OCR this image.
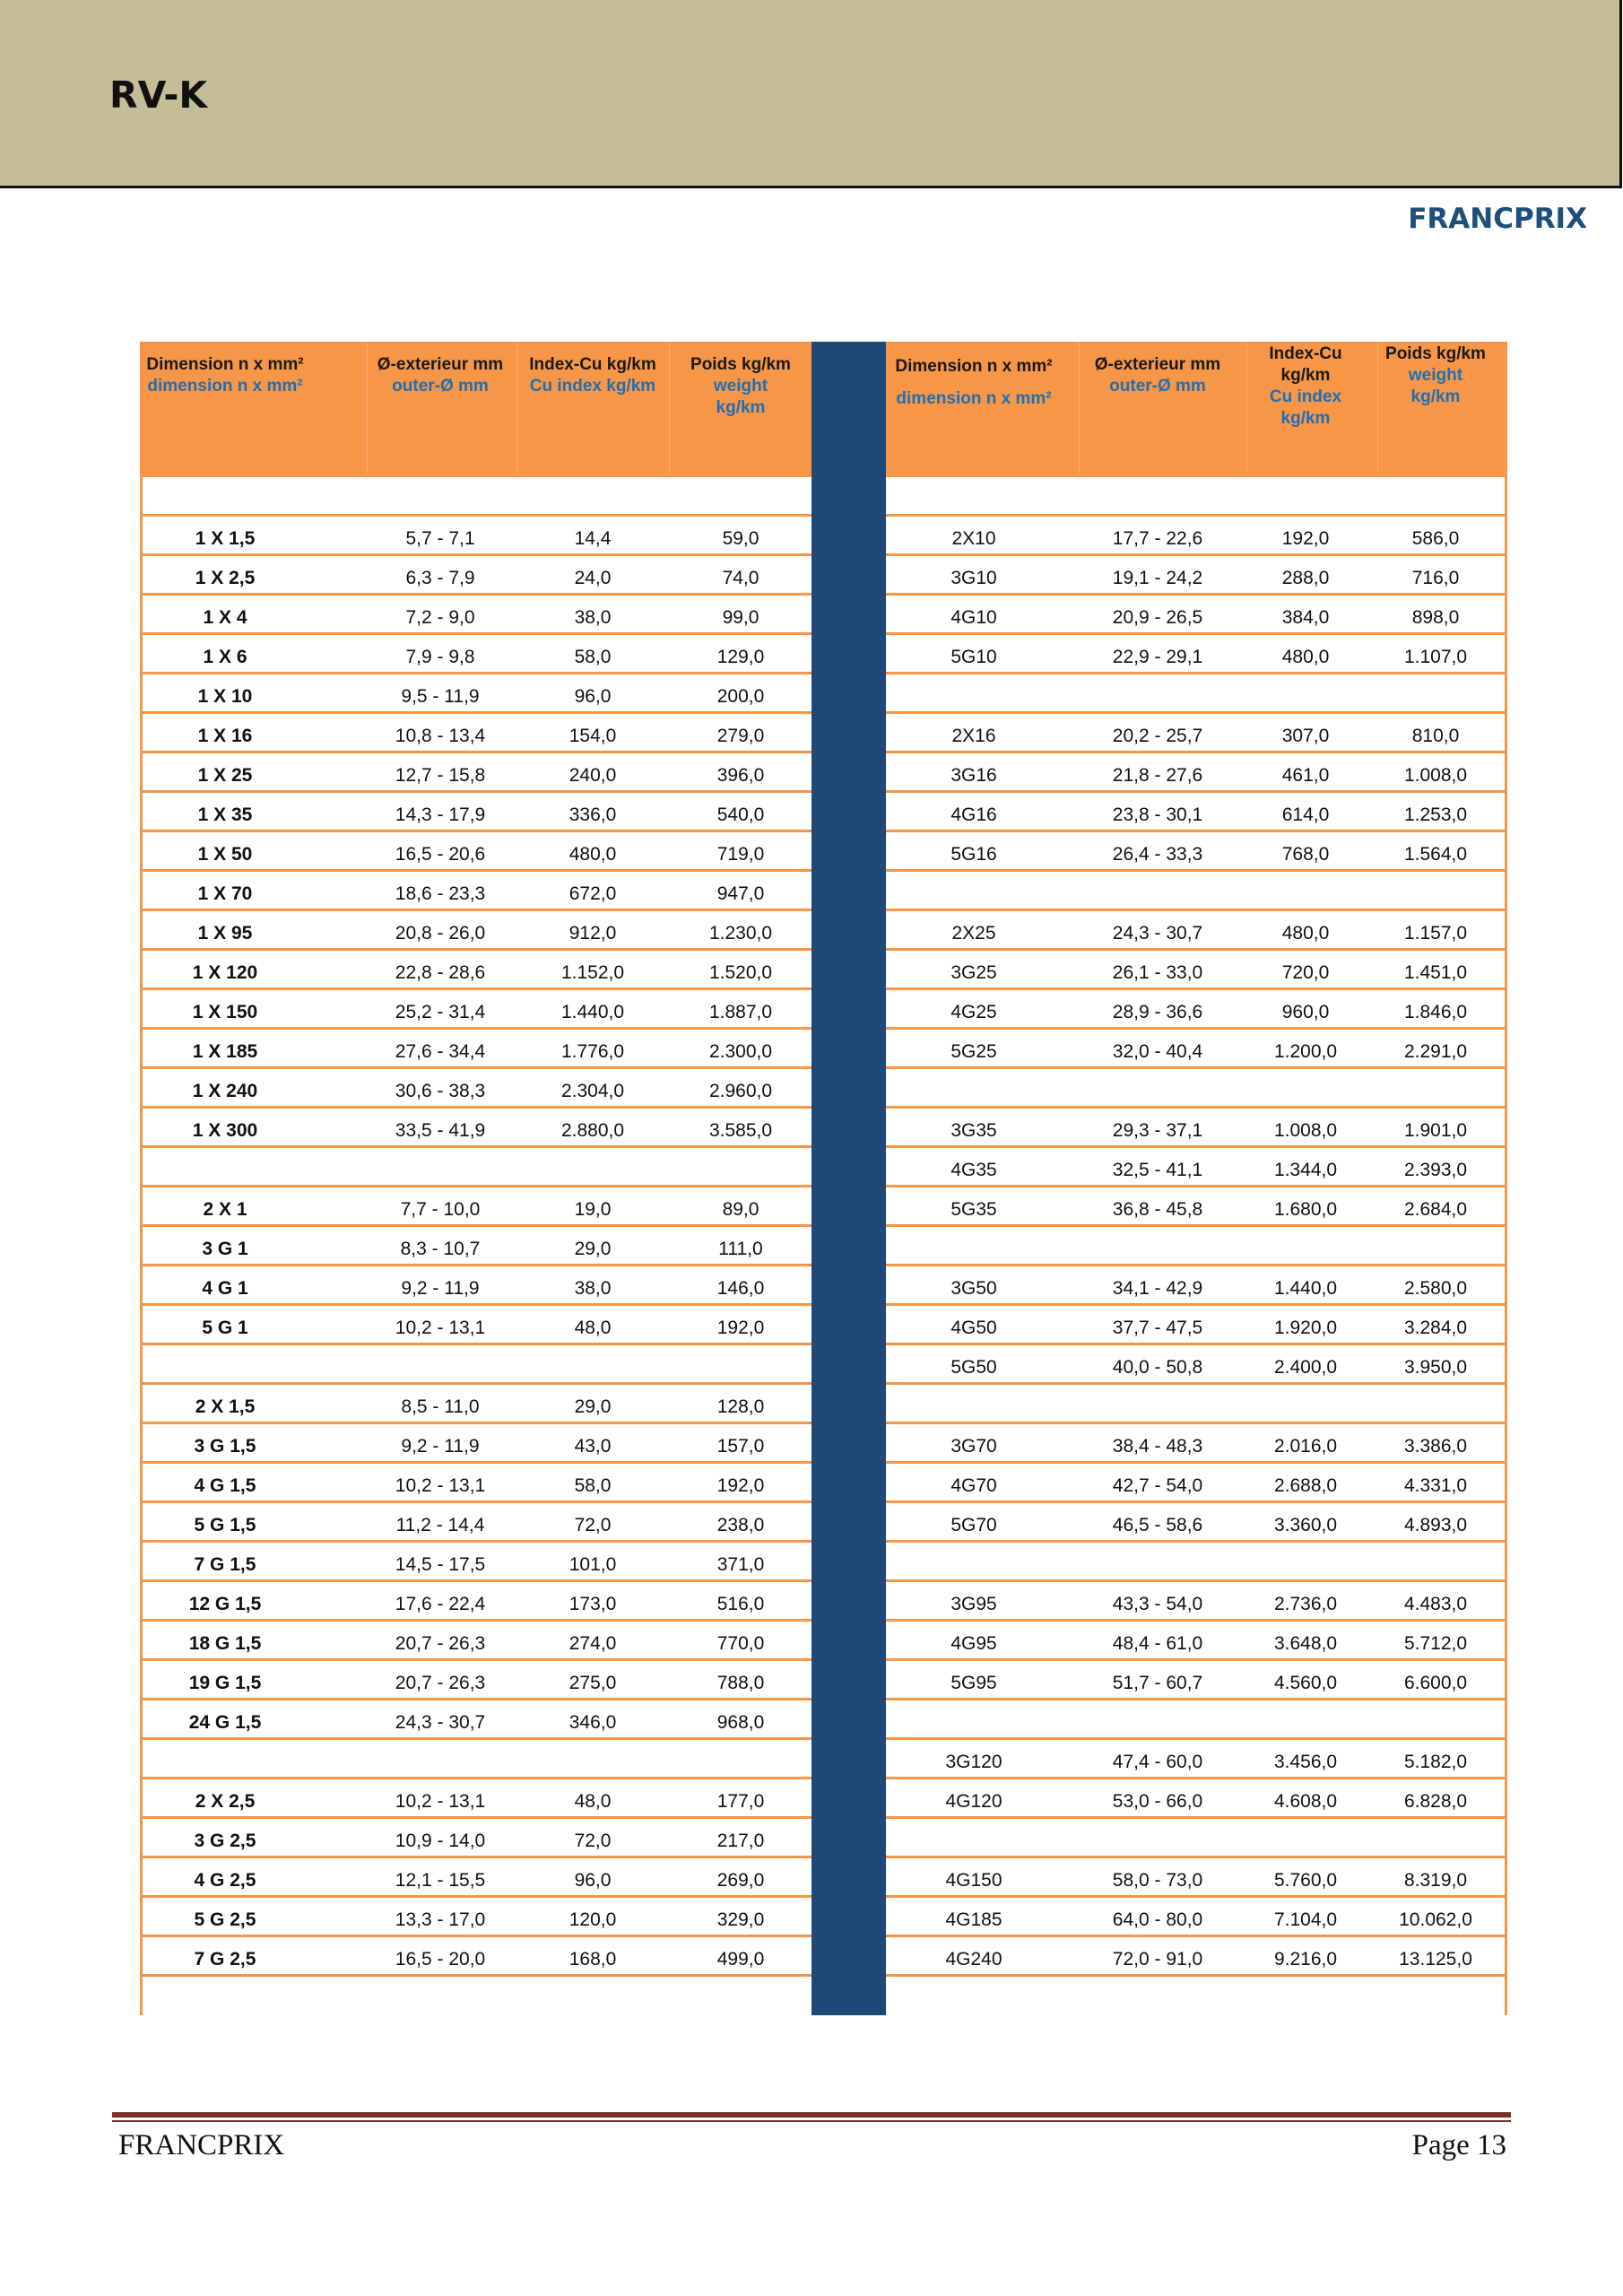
RV-K
FRANCPRIX
Dimension n x mm²
dimension n x mm²
Ø-exterieur mm
outer-Ø mm
Index-Cu kg/km
Cu index kg/km
Poids kg/km
weight kg/km
Dimension n x mm²
dimension n x mm²
Ø-exterieur mm
outer-Ø mm
Index-Cu kg/km
Cu index kg/km
Poids kg/km
weight kg/km
1 X 1,5	5,7 - 7,1	14,4	59,0	2X10	17,7 - 22,6	192,0	586,0
1 X 2,5	6,3 - 7,9	24,0	74,0	3G10	19,1 - 24,2	288,0	716,0
1 X 4	7,2 - 9,0	38,0	99,0	4G10	20,9 - 26,5	384,0	898,0
1 X 6	7,9 - 9,8	58,0	129,0	5G10	22,9 - 29,1	480,0	1.107,0
1 X 10	9,5 - 11,9	96,0	200,0
1 X 16	10,8 - 13,4	154,0	279,0	2X16	20,2 - 25,7	307,0	810,0
1 X 25	12,7 - 15,8	240,0	396,0	3G16	21,8 - 27,6	461,0	1.008,0
1 X 35	14,3 - 17,9	336,0	540,0	4G16	23,8 - 30,1	614,0	1.253,0
1 X 50	16,5 - 20,6	480,0	719,0	5G16	26,4 - 33,3	768,0	1.564,0
1 X 70	18,6 - 23,3	672,0	947,0
1 X 95	20,8 - 26,0	912,0	1.230,0	2X25	24,3 - 30,7	480,0	1.157,0
1 X 120	22,8 - 28,6	1.152,0	1.520,0	3G25	26,1 - 33,0	720,0	1.451,0
1 X 150	25,2 - 31,4	1.440,0	1.887,0	4G25	28,9 - 36,6	960,0	1.846,0
1 X 185	27,6 - 34,4	1.776,0	2.300,0	5G25	32,0 - 40,4	1.200,0	2.291,0
1 X 240	30,6 - 38,3	2.304,0	2.960,0
1 X 300	33,5 - 41,9	2.880,0	3.585,0	3G35	29,3 - 37,1	1.008,0	1.901,0
4G35	32,5 - 41,1	1.344,0	2.393,0
2 X 1	7,7 - 10,0	19,0	89,0	5G35	36,8 - 45,8	1.680,0	2.684,0
3 G 1	8,3 - 10,7	29,0	111,0
4 G 1	9,2 - 11,9	38,0	146,0	3G50	34,1 - 42,9	1.440,0	2.580,0
5 G 1	10,2 - 13,1	48,0	192,0	4G50	37,7 - 47,5	1.920,0	3.284,0
5G50	40,0 - 50,8	2.400,0	3.950,0
2 X 1,5	8,5 - 11,0	29,0	128,0
3 G 1,5	9,2 - 11,9	43,0	157,0	3G70	38,4 - 48,3	2.016,0	3.386,0
4 G 1,5	10,2 - 13,1	58,0	192,0	4G70	42,7 - 54,0	2.688,0	4.331,0
5 G 1,5	11,2 - 14,4	72,0	238,0	5G70	46,5 - 58,6	3.360,0	4.893,0
7 G 1,5	14,5 - 17,5	101,0	371,0
12 G 1,5	17,6 - 22,4	173,0	516,0	3G95	43,3 - 54,0	2.736,0	4.483,0
18 G 1,5	20,7 - 26,3	274,0	770,0	4G95	48,4 - 61,0	3.648,0	5.712,0
19 G 1,5	20,7 - 26,3	275,0	788,0	5G95	51,7 - 60,7	4.560,0	6.600,0
24 G 1,5	24,3 - 30,7	346,0	968,0
3G120	47,4 - 60,0	3.456,0	5.182,0
2 X 2,5	10,2 - 13,1	48,0	177,0	4G120	53,0 - 66,0	4.608,0	6.828,0
3 G 2,5	10,9 - 14,0	72,0	217,0
4 G 2,5	12,1 - 15,5	96,0	269,0	4G150	58,0 - 73,0	5.760,0	8.319,0
5 G 2,5	13,3 - 17,0	120,0	329,0	4G185	64,0 - 80,0	7.104,0	10.062,0
7 G 2,5	16,5 - 20,0	168,0	499,0	4G240	72,0 - 91,0	9.216,0	13.125,0
FRANCPRIX	Page 13
